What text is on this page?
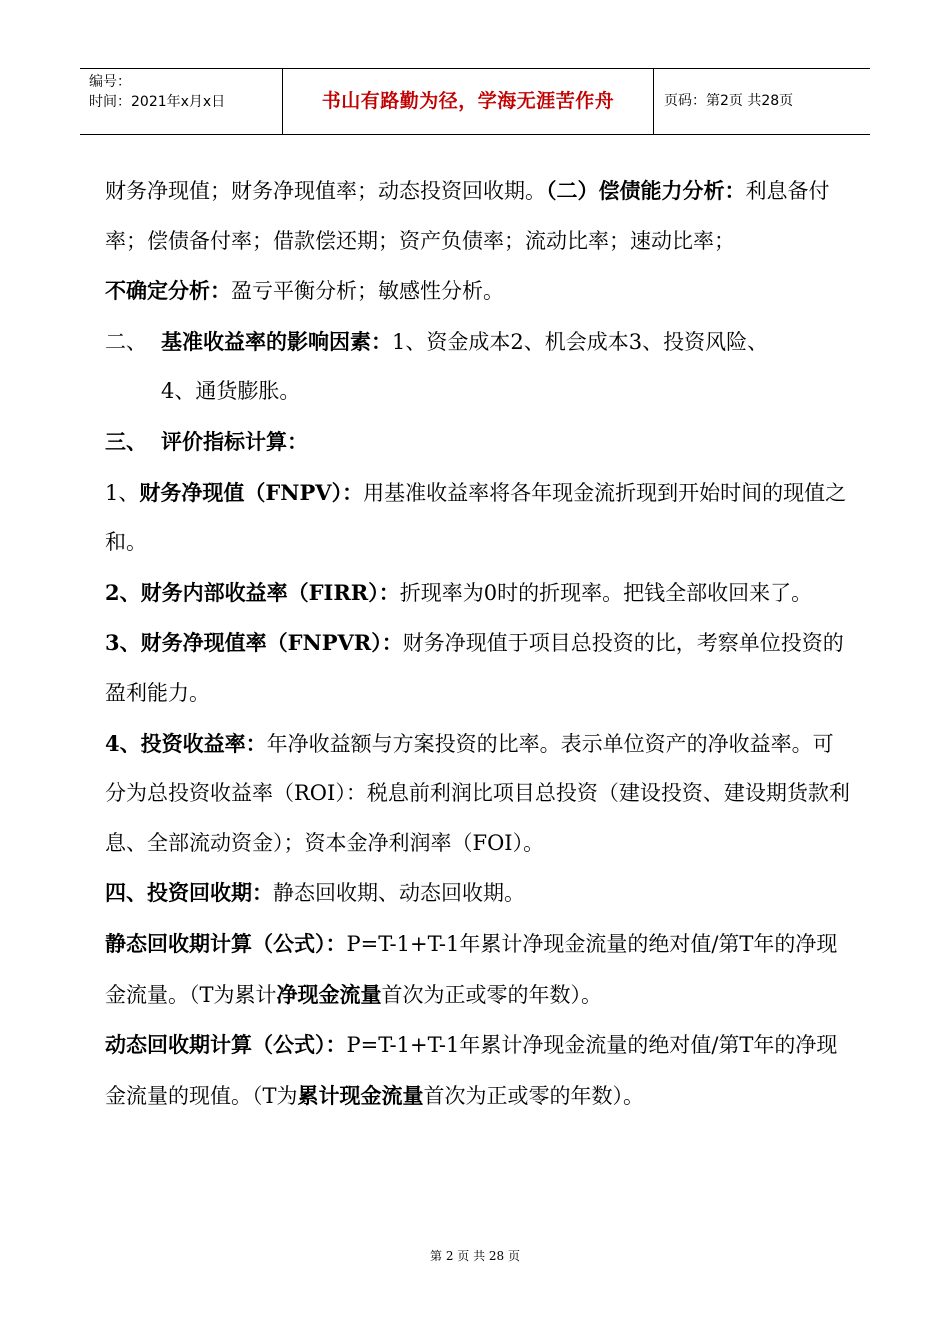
编号：
时间：2021年x月x日	书山有路勤为径，学海无涯苦作舟	页码：第2页 共28页

财务净现值；财务净现值率；动态投资回收期。（二）偿债能力分析：利息备付率；偿债备付率；借款偿还期；资产负债率；流动比率；速动比率；

不确定分析：盈亏平衡分析；敏感性分析。

二、 基准收益率的影响因素：1、资金成本2、机会成本3、投资风险、

4、通货膨胀。

三、 评价指标计算：

1、财务净现值（FNPV）：用基准收益率将各年现金流折现到开始时间的现值之和。

2、财务内部收益率（FIRR）：折现率为0时的折现率。把钱全部收回来了。

3、财务净现值率（FNPVR）：财务净现值于项目总投资的比，考察单位投资的盈利能力。

4、投资收益率：年净收益额与方案投资的比率。表示单位资产的净收益率。可分为总投资收益率（ROI）：税息前利润比项目总投资（建设投资、建设期货款利息、全部流动资金）；资本金净利润率（FOI）。

四、投资回收期：静态回收期、动态回收期。

静态回收期计算（公式）：P=T-1+T-1年累计净现金流量的绝对值/第T年的净现金流量。（T为累计净现金流量首次为正或零的年数）。

动态回收期计算（公式）：P=T-1+T-1年累计净现金流量的绝对值/第T年的净现金流量的现值。（T为累计现金流量首次为正或零的年数）。

第 2 页 共 28 页
